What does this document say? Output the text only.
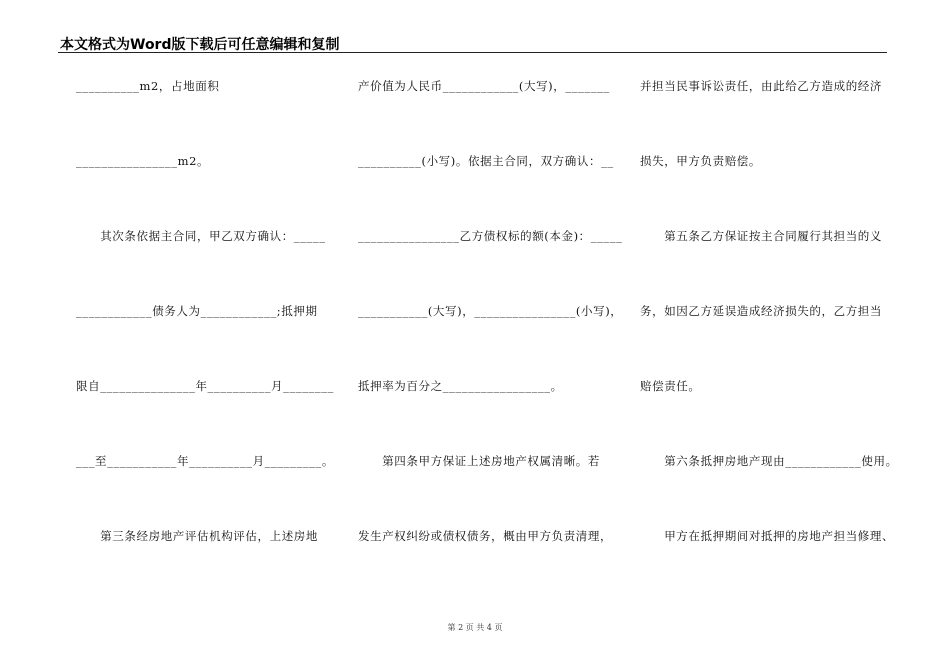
本文格式为Word版下载后可任意编辑和复制
__________m2，占地面积
________________m2。
　　其次条依据主合同，甲乙双方确认：_____
____________债务人为____________;抵押期
限自_______________年__________月________
___至___________年__________月_________。
　　第三条经房地产评估机构评估，上述房地
产价值为人民币____________(大写)，_______
__________(小写)。依据主合同，双方确认：__
________________乙方债权标的额(本金)：_____
___________(大写)，________________(小写)，
抵押率为百分之_________________。
　　第四条甲方保证上述房地产权属清晰。若
发生产权纠纷或债权债务，概由甲方负责清理，
并担当民事诉讼责任，由此给乙方造成的经济
损失，甲方负责赔偿。
　　第五条乙方保证按主合同履行其担当的义
务，如因乙方延误造成经济损失的，乙方担当
赔偿责任。
　　第六条抵押房地产现由____________使用。
　　甲方在抵押期间对抵押的房地产担当修理、
第 2 页 共 4 页
